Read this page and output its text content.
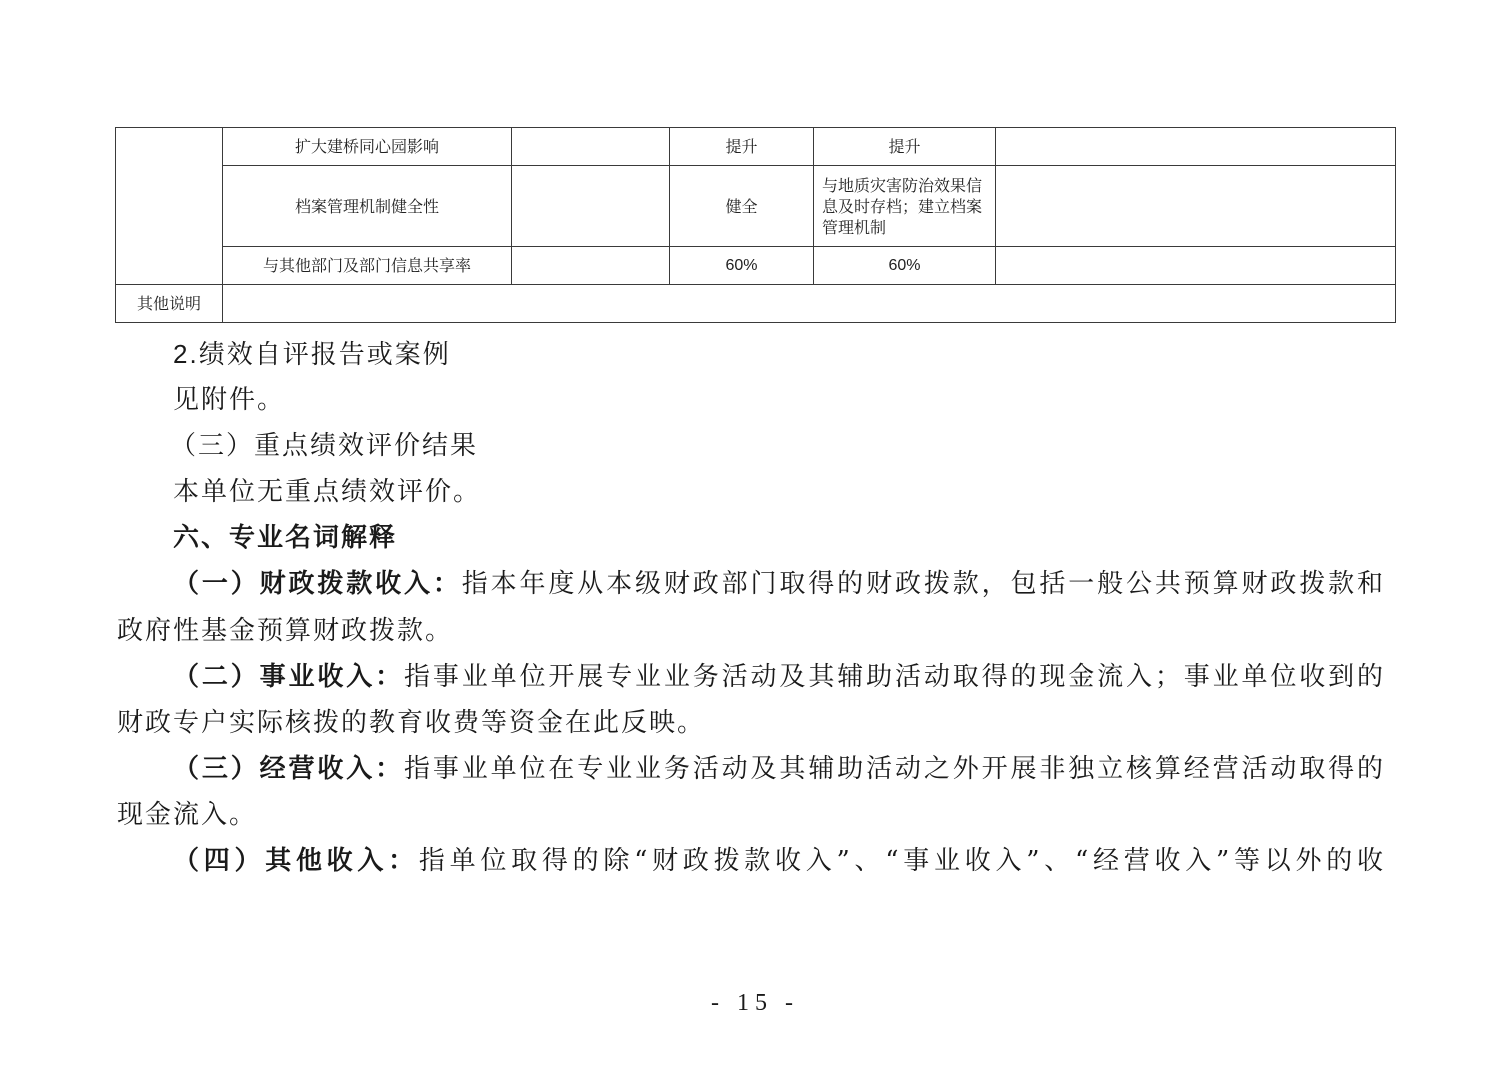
	扩大建桥同心园影响		提升	提升	
	档案管理机制健全性		健全	与地质灾害防治效果信息及时存档；建立档案管理机制	
	与其他部门及部门信息共享率		60%	60%	
其他说明					
2.绩效自评报告或案例
见附件。
（三）重点绩效评价结果
本单位无重点绩效评价。
六、专业名词解释
（一）财政拨款收入：指本年度从本级财政部门取得的财政拨款，包括一般公共预算财政拨款和
政府性基金预算财政拨款。
（二）事业收入：指事业单位开展专业业务活动及其辅助活动取得的现金流入；事业单位收到的
财政专户实际核拨的教育收费等资金在此反映。
（三）经营收入：指事业单位在专业业务活动及其辅助活动之外开展非独立核算经营活动取得的
现金流入。
（四）其他收入：指单位取得的除“财政拨款收入”、“事业收入”、“经营收入”等以外的收
- 15 -
